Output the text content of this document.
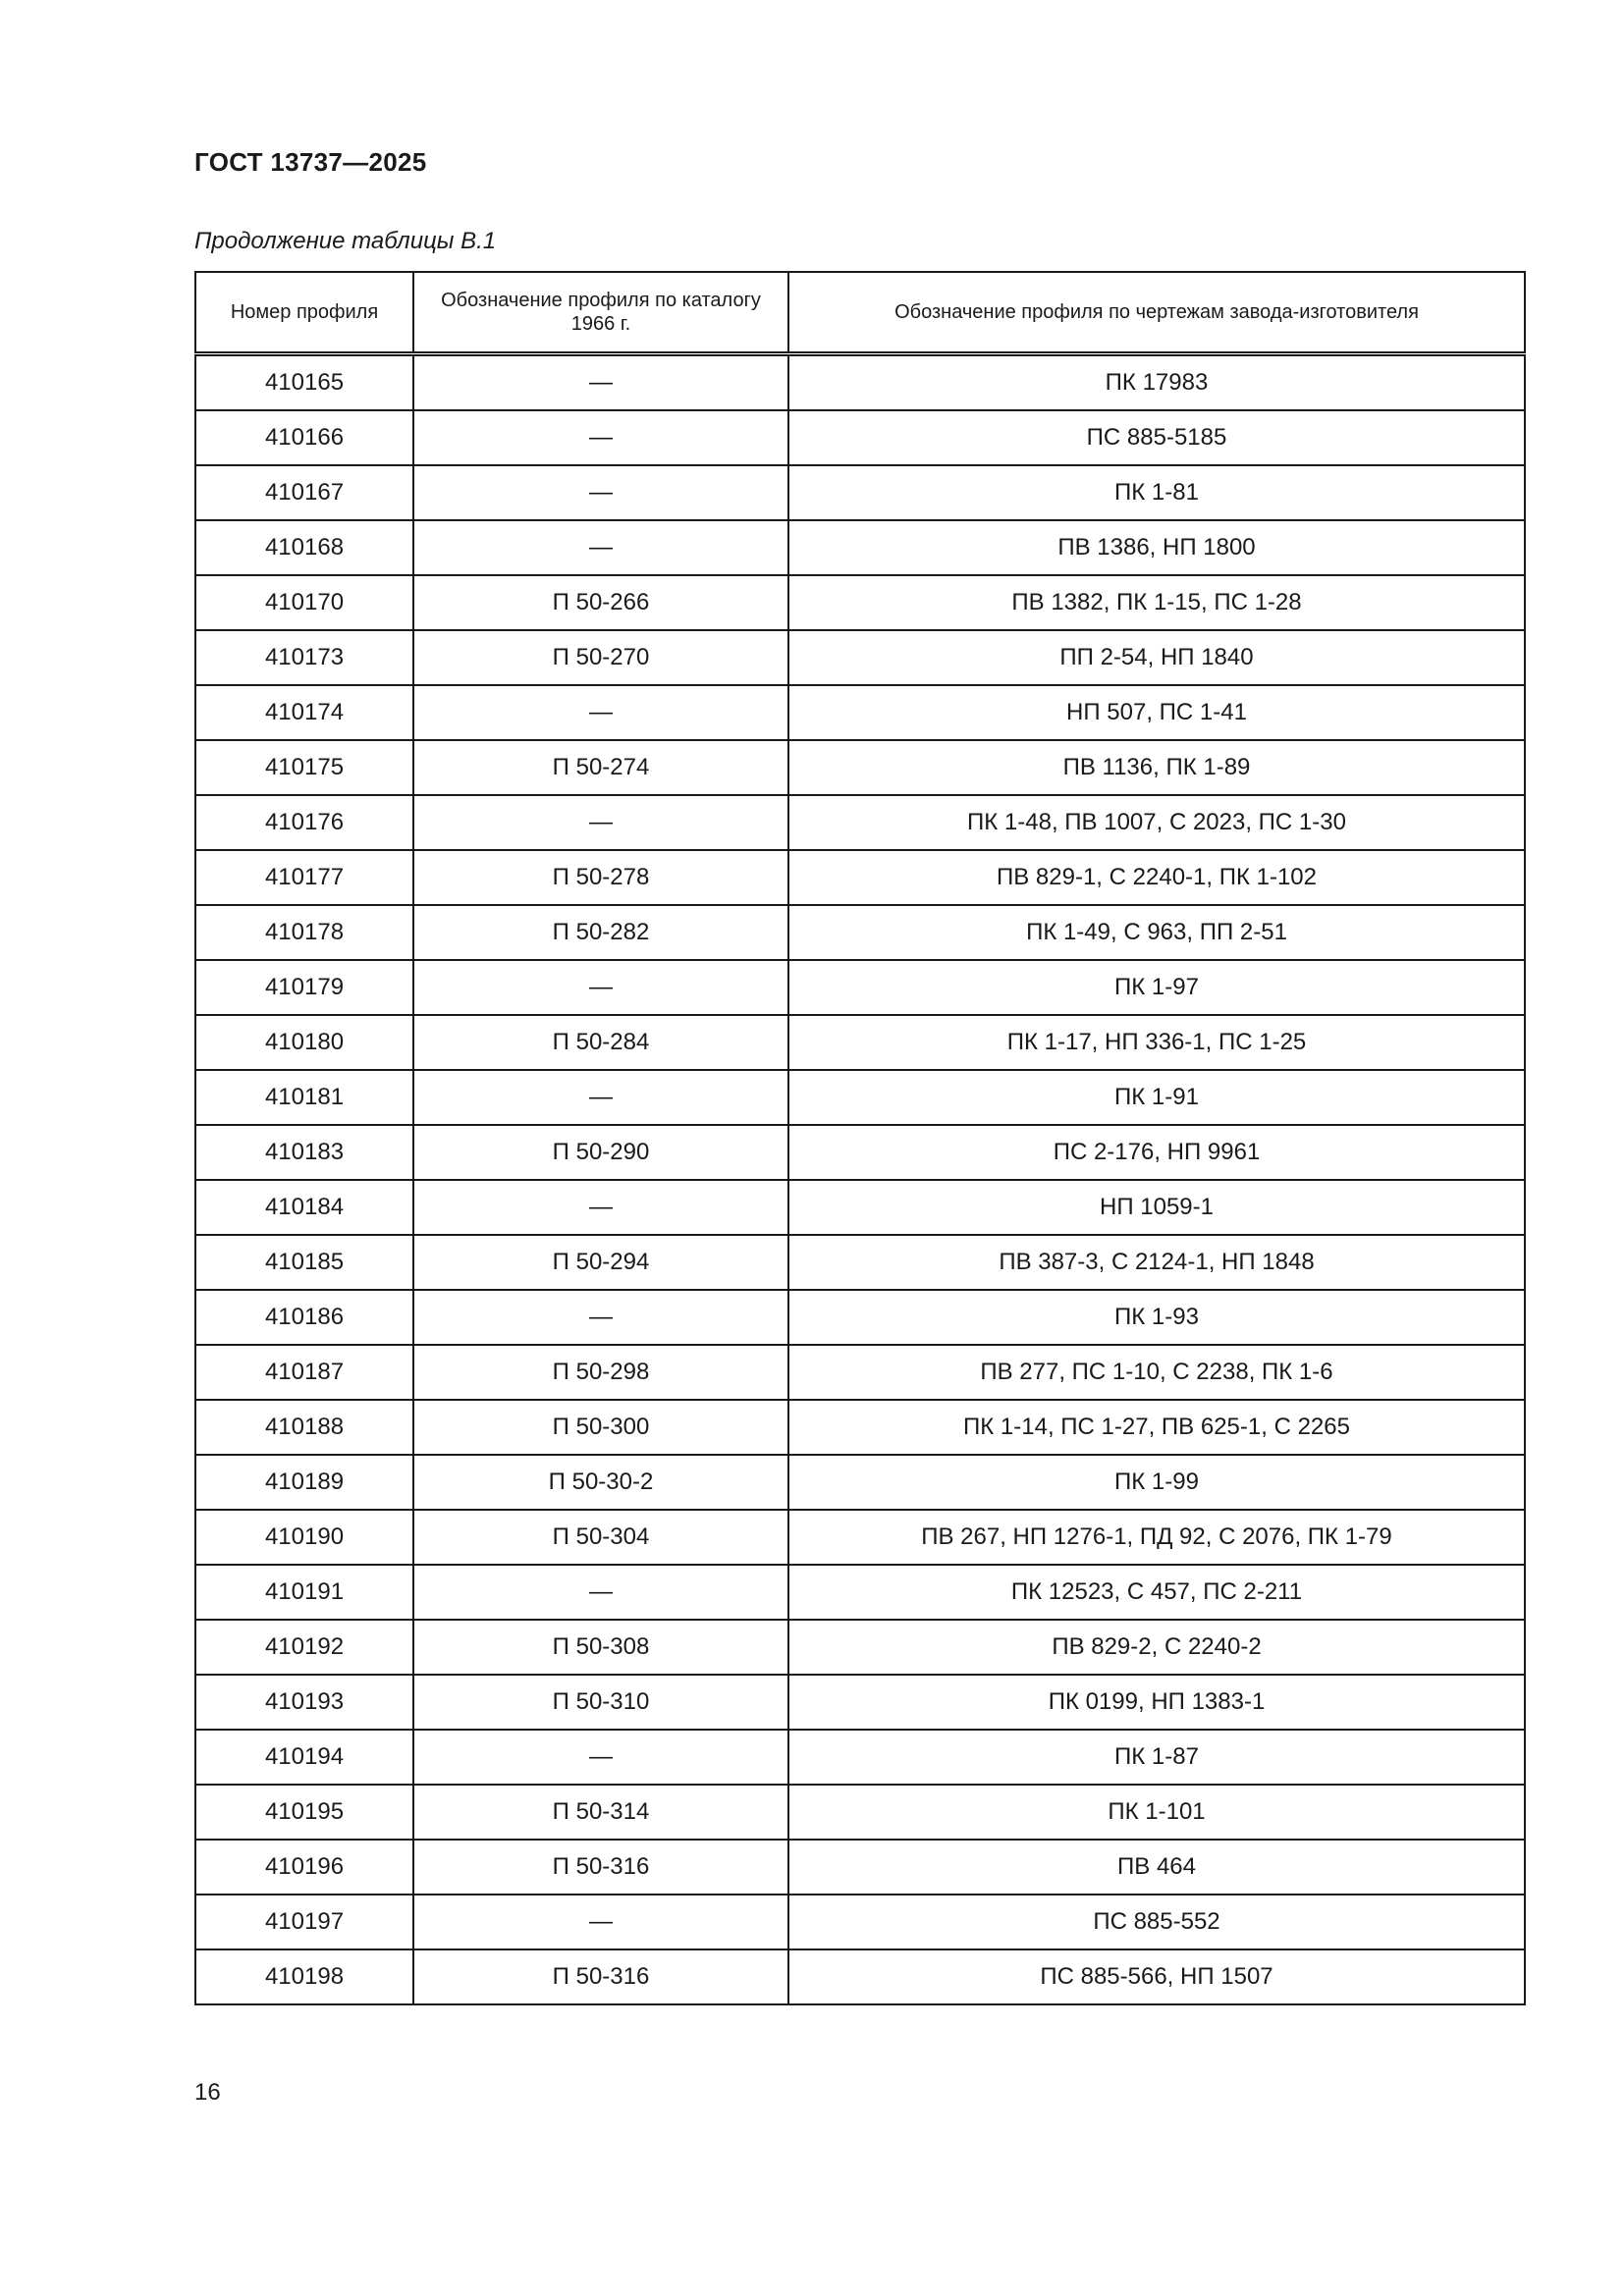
ГОСТ 13737—2025
Продолжение таблицы В.1
Номер профиля	Обозначение профиля по каталогу 1966 г.	Обозначение профиля по чертежам завода-изготовителя
410165	—	ПК 17983
410166	—	ПС 885-5185
410167	—	ПК 1-81
410168	—	ПВ 1386, НП 1800
410170	П 50-266	ПВ 1382, ПК 1-15, ПС 1-28
410173	П 50-270	ПП 2-54, НП 1840
410174	—	НП 507, ПС 1-41
410175	П 50-274	ПВ 1136, ПК 1-89
410176	—	ПК 1-48, ПВ 1007, С 2023, ПС 1-30
410177	П 50-278	ПВ 829-1, С 2240-1, ПК 1-102
410178	П 50-282	ПК 1-49, С 963, ПП 2-51
410179	—	ПК 1-97
410180	П 50-284	ПК 1-17, НП 336-1, ПС 1-25
410181	—	ПК 1-91
410183	П 50-290	ПС 2-176, НП 9961
410184	—	НП 1059-1
410185	П 50-294	ПВ 387-3, С 2124-1, НП 1848
410186	—	ПК 1-93
410187	П 50-298	ПВ 277, ПС 1-10, С 2238, ПК 1-6
410188	П 50-300	ПК 1-14, ПС 1-27, ПВ 625-1, С 2265
410189	П 50-30-2	ПК 1-99
410190	П 50-304	ПВ 267, НП 1276-1, ПД 92, С 2076, ПК 1-79
410191	—	ПК 12523, С 457, ПС 2-211
410192	П 50-308	ПВ 829-2, С 2240-2
410193	П 50-310	ПК 0199, НП 1383-1
410194	—	ПК 1-87
410195	П 50-314	ПК 1-101
410196	П 50-316	ПВ 464
410197	—	ПС 885-552
410198	П 50-316	ПС 885-566, НП 1507
16
